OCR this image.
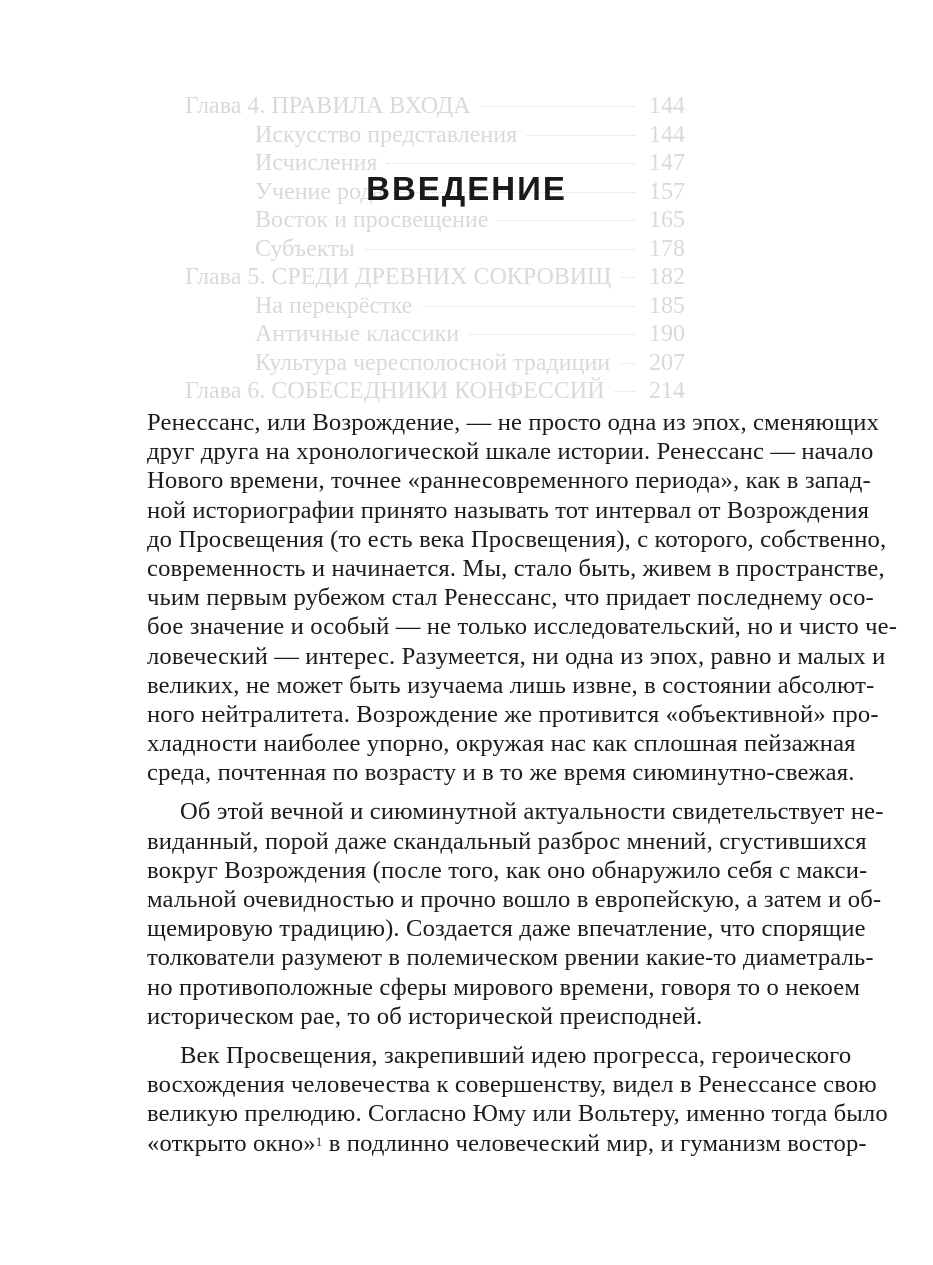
Глава 4. ПРАВИЛА ВХОДА	144
Искусство представления	144
Исчисления	147
Учение рода	157
Восток и просвещение	165
Субъекты	178
Глава 5. СРЕДИ ДРЕВНИХ СОКРОВИЩ 182
На перекрёстке	185
Античные классики	190
Культура чересполосной традиции 207
Глава 6. СОБЕСЕДНИКИ КОНФЕССИЙ 214
ВВЕДЕНИЕ
Ренессанс, или Возрождение, — не просто одна из эпох, сменяющих
друг друга на хронологической шкале истории. Ренессанс — начало
Нового времени, точнее «раннесовременного периода», как в запад-
ной историографии принято называть тот интервал от Возрождения
до Просвещения (то есть века Просвещения), с которого, собственно,
современность и начинается. Мы, стало быть, живем в пространстве,
чьим первым рубежом стал Ренессанс, что придает последнему осо-
бое значение и особый — не только исследовательский, но и чисто че-
ловеческий — интерес. Разумеется, ни одна из эпох, равно и малых и
великих, не может быть изучаема лишь извне, в состоянии абсолют-
ного нейтралитета. Возрождение же противится «объективной» про-
хладности наиболее упорно, окружая нас как сплошная пейзажная
среда, почтенная по возрасту и в то же время сиюминутно-свежая.
Об этой вечной и сиюминутной актуальности свидетельствует не-
виданный, порой даже скандальный разброс мнений, сгустившихся
вокруг Возрождения (после того, как оно обнаружило себя с макси-
мальной очевидностью и прочно вошло в европейскую, а затем и об-
щемировую традицию). Создается даже впечатление, что спорящие
толкователи разумеют в полемическом рвении какие-то диаметраль-
но противоположные сферы мирового времени, говоря то о некоем
историческом рае, то об исторической преисподней.
Век Просвещения, закрепивший идею прогресса, героического
восхождения человечества к совершенству, видел в Ренессансе свою
великую прелюдию. Согласно Юму или Вольтеру, именно тогда было
«открыто окно»$^1$ в подлинно человеческий мир, и гуманизм востор-
